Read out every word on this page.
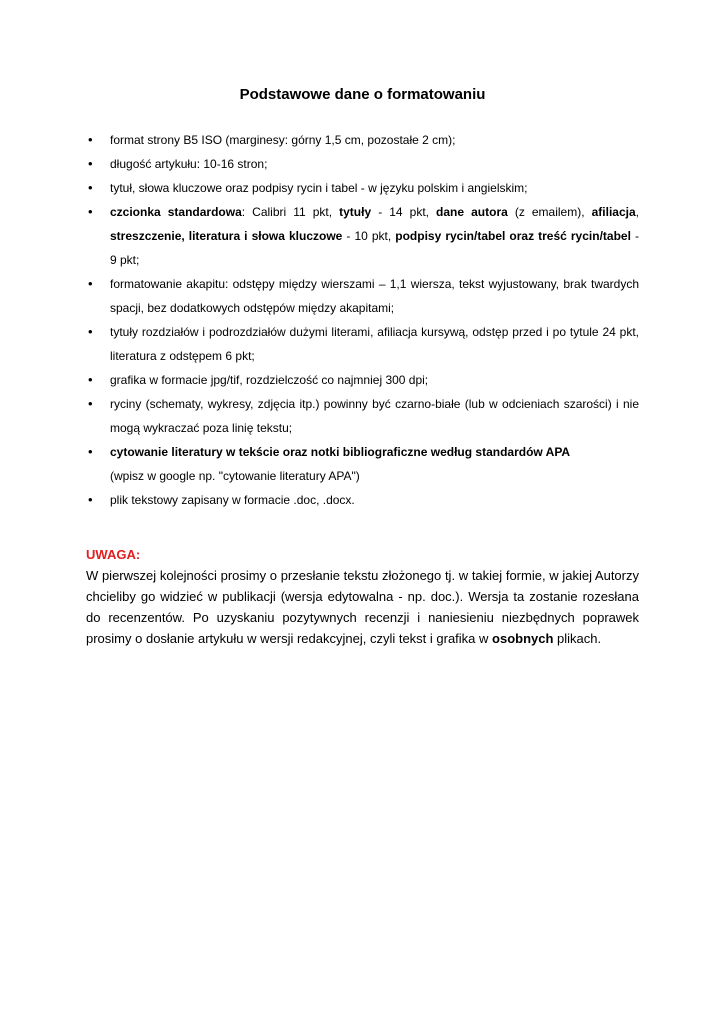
Podstawowe dane o formatowaniu
• format strony B5 ISO (marginesy: górny 1,5 cm, pozostałe 2 cm);
• długość artykułu: 10-16 stron;
• tytuł, słowa kluczowe oraz podpisy rycin i tabel - w języku polskim i angielskim;
• czcionka standardowa: Calibri 11 pkt, tytuły - 14 pkt, dane autora (z emailem), afiliacja, streszczenie, literatura i słowa kluczowe - 10 pkt, podpisy rycin/tabel oraz treść rycin/tabel - 9 pkt;
• formatowanie akapitu: odstępy między wierszami – 1,1 wiersza, tekst wyjustowany, brak twardych spacji, bez dodatkowych odstępów między akapitami;
• tytuły rozdziałów i podrozdziałów dużymi literami, afiliacja kursywą, odstęp przed i po tytule 24 pkt, literatura z odstępem 6 pkt;
• grafika w formacie jpg/tif, rozdzielczość co najmniej 300 dpi;
• ryciny (schematy, wykresy, zdjęcia itp.) powinny być czarno-białe (lub w odcieniach szarości) i nie mogą wykraczać poza linię tekstu;
• cytowanie literatury w tekście oraz notki bibliograficzne według standardów APA
(wpisz w google np. "cytowanie literatury APA")
• plik tekstowy zapisany w formacie .doc, .docx.

UWAGA:

W pierwszej kolejności prosimy o przesłanie tekstu złożonego tj. w takiej formie, w jakiej Autorzy chcieliby go widzieć w publikacji (wersja edytowalna - np. doc.). Wersja ta zostanie rozesłana do recenzentów. Po uzyskaniu pozytywnych recenzji i naniesieniu niezbędnych poprawek prosimy o dosłanie artykułu w wersji redakcyjnej, czyli tekst i grafika w osobnych plikach.
